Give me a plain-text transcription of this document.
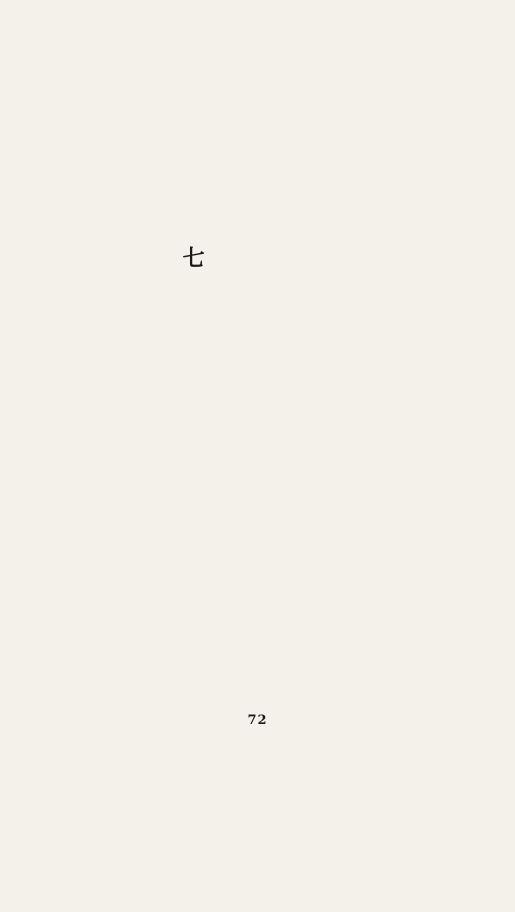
七
72
